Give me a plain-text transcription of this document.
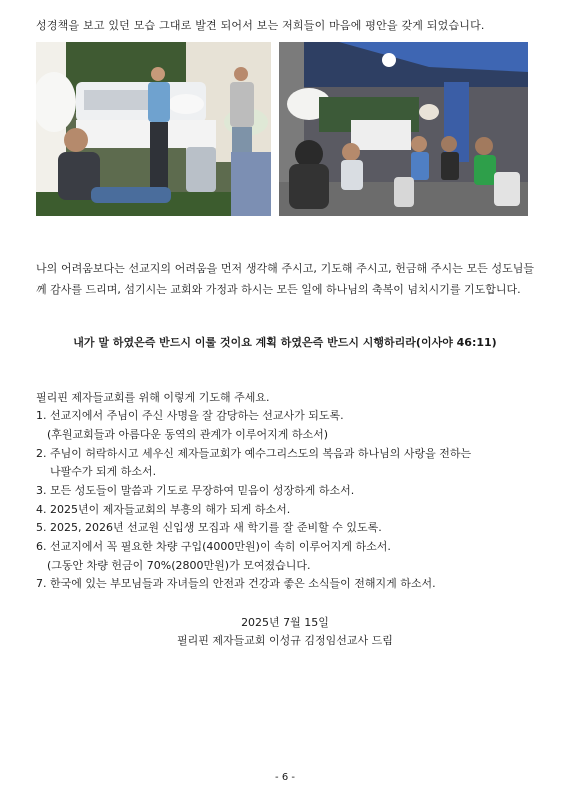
성경책을 보고 있던 모습 그대로 발견 되어서 보는 저희들이 마음에 평안을 갖게 되었습니다.
나의 어려움보다는 선교지의 어려움을 먼저 생각해 주시고, 기도해 주시고, 헌금해 주시는 모든 성도님들께 감사를 드리며, 섬기시는 교회와 가정과 하시는 모든 일에 하나님의 축복이 넘치시기를 기도합니다.
내가 말 하였은즉 반드시 이룰 것이요 계획 하였은즉 반드시 시행하리라(이사야 46:11)
필리핀 제자들교회를 위해 이렇게 기도해 주세요.
1. 선교지에서 주님이 주신 사명을 잘 감당하는 선교사가 되도록.
(후원교회들과 아름다운 동역의 관계가 이루어지게 하소서)
2. 주님이 허락하시고 세우신 제자들교회가 예수그리스도의 복음과 하나님의 사랑을 전하는
나팔수가 되게 하소서.
3. 모든 성도들이 말씀과 기도로 무장하여 믿음이 성장하게 하소서.
4. 2025년이 제자들교회의 부흥의 해가 되게 하소서.
5. 2025, 2026년 선교원 신입생 모집과 새 학기를 잘 준비할 수 있도록.
6. 선교지에서 꼭 필요한 차량 구입(4000만원)이 속히 이루어지게 하소서.
(그동안 차량 헌금이 70%(2800만원)가 모여졌습니다.
7. 한국에 있는 부모님들과 자녀들의 안전과 건강과 좋은 소식들이 전해지게 하소서.
2025년 7월 15일
필리핀 제자들교회 이성규 김정임선교사 드림
- 6 -
